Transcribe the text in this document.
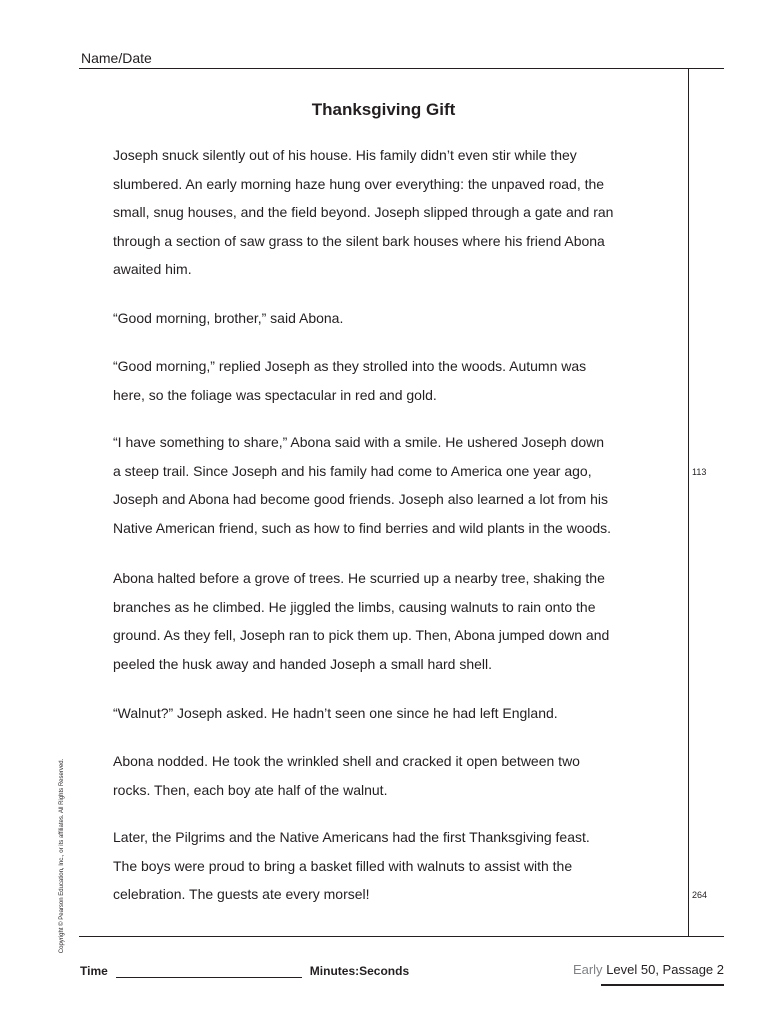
Name/Date
Thanksgiving Gift

Joseph snuck silently out of his house. His family didn’t even stir while they
slumbered. An early morning haze hung over everything: the unpaved road, the
small, snug houses, and the field beyond. Joseph slipped through a gate and ran
through a section of saw grass to the silent bark houses where his friend Abona
awaited him.

“Good morning, brother,” said Abona.

“Good morning,” replied Joseph as they strolled into the woods. Autumn was
here, so the foliage was spectacular in red and gold.

“I have something to share,” Abona said with a smile. He ushered Joseph down
a steep trail. Since Joseph and his family had come to America one year ago,
Joseph and Abona had become good friends. Joseph also learned a lot from his
Native American friend, such as how to find berries and wild plants in the woods.

Abona halted before a grove of trees. He scurried up a nearby tree, shaking the
branches as he climbed. He jiggled the limbs, causing walnuts to rain onto the
ground. As they fell, Joseph ran to pick them up. Then, Abona jumped down and
peeled the husk away and handed Joseph a small hard shell.

“Walnut?” Joseph asked. He hadn’t seen one since he had left England.

Abona nodded. He took the wrinkled shell and cracked it open between two
rocks. Then, each boy ate half of the walnut.

Later, the Pilgrims and the Native Americans had the first Thanksgiving feast.
The boys were proud to bring a basket filled with walnuts to assist with the
celebration. The guests ate every morsel!

113
264
Copyright © Pearson Education, Inc., or its affiliates. All Rights Reserved.
Time	Minutes:Seconds	Early Level 50, Passage 2
